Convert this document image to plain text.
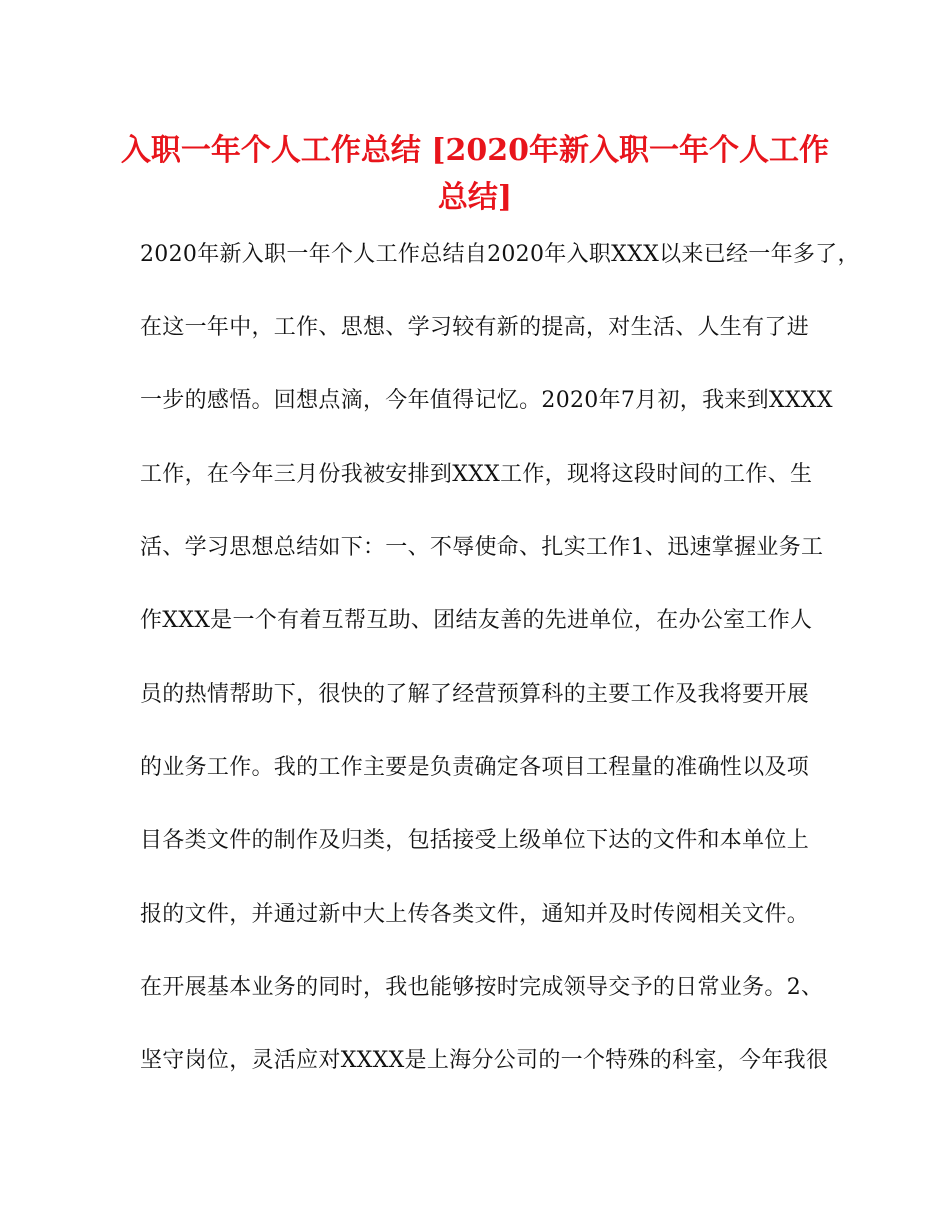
入职一年个人工作总结 [2020年新入职一年个人工作
总结]

2020年新入职一年个人工作总结自2020年入职XXX以来已经一年多了，

在这一年中，工作、思想、学习较有新的提高，对生活、人生有了进

一步的感悟。回想点滴，今年值得记忆。2020年7月初，我来到XXXX

工作，在今年三月份我被安排到XXX工作，现将这段时间的工作、生

活、学习思想总结如下：一、不辱使命、扎实工作1、迅速掌握业务工

作XXX是一个有着互帮互助、团结友善的先进单位，在办公室工作人

员的热情帮助下，很快的了解了经营预算科的主要工作及我将要开展

的业务工作。我的工作主要是负责确定各项目工程量的准确性以及项

目各类文件的制作及归类，包括接受上级单位下达的文件和本单位上

报的文件，并通过新中大上传各类文件，通知并及时传阅相关文件。

在开展基本业务的同时，我也能够按时完成领导交予的日常业务。2、

坚守岗位，灵活应对XXXX是上海分公司的一个特殊的科室，今年我很
